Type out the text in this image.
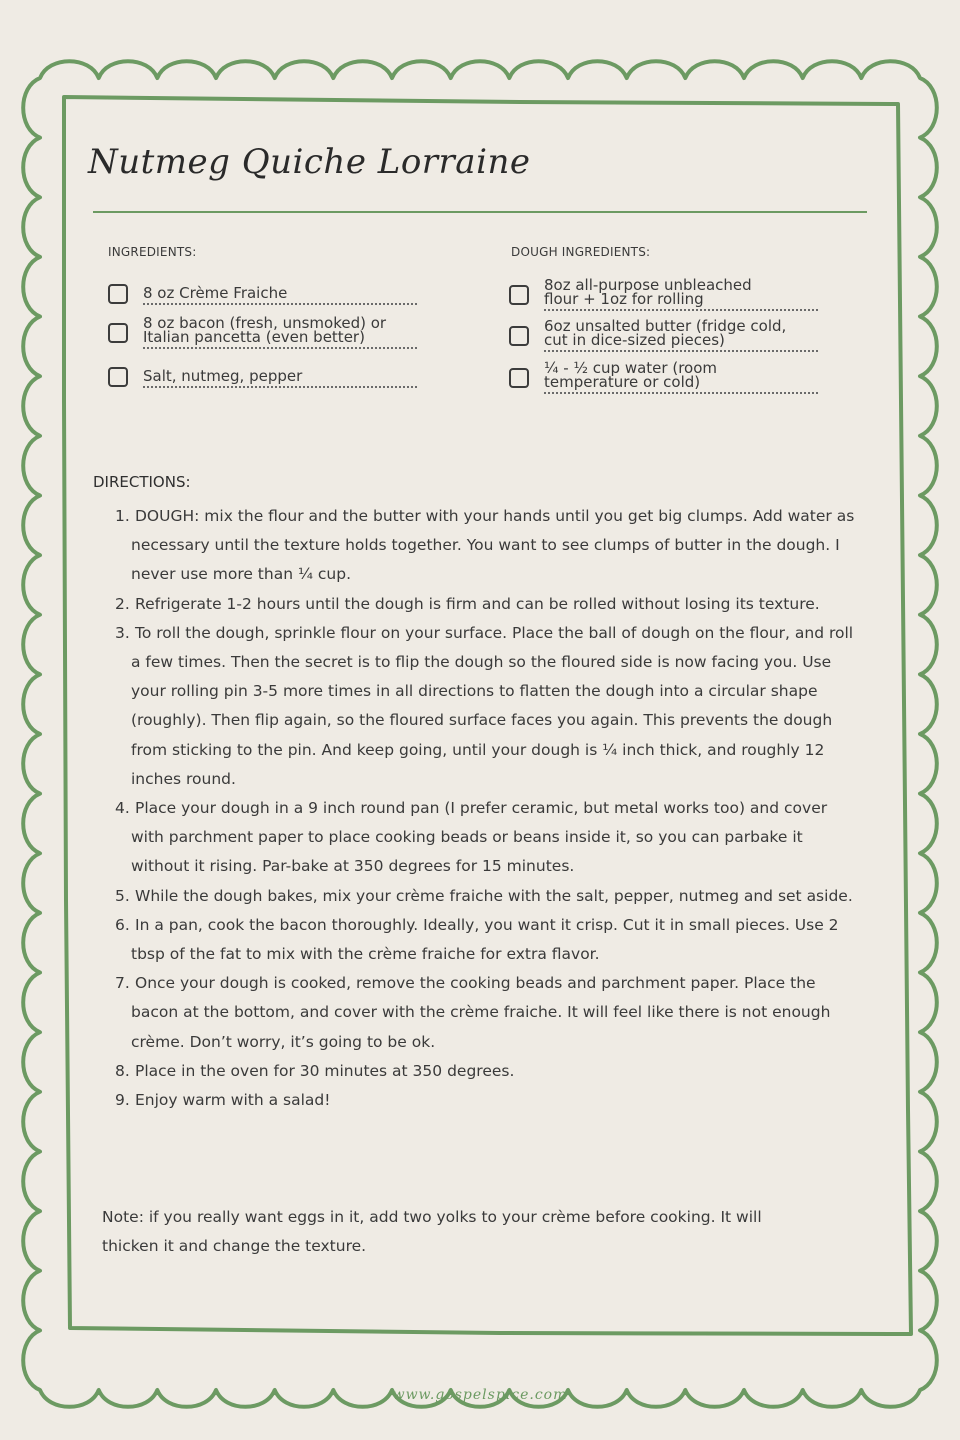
Nutmeg Quiche Lorraine
INGREDIENTS:	DOUGH INGREDIENTS:
8 oz Crème Fraiche
8 oz bacon (fresh, unsmoked) or
Italian pancetta (even better)
Salt, nutmeg, pepper
8oz all-purpose unbleached
flour + 1oz for rolling
6oz unsalted butter (fridge cold,
cut in dice-sized pieces)
¼ - ½ cup water (room
temperature or cold)
DIRECTIONS:
1. DOUGH: mix the flour and the butter with your hands until you get big clumps. Add water as necessary until the texture holds together. You want to see clumps of butter in the dough. I never use more than ¼ cup.
2. Refrigerate 1-2 hours until the dough is firm and can be rolled without losing its texture.
3. To roll the dough, sprinkle flour on your surface. Place the ball of dough on the flour, and roll a few times. Then the secret is to flip the dough so the floured side is now facing you. Use your rolling pin 3-5 more times in all directions to flatten the dough into a circular shape (roughly). Then flip again, so the floured surface faces you again. This prevents the dough from sticking to the pin. And keep going, until your dough is ¼ inch thick, and roughly 12 inches round.
4. Place your dough in a 9 inch round pan (I prefer ceramic, but metal works too) and cover with parchment paper to place cooking beads or beans inside it, so you can parbake it without it rising. Par-bake at 350 degrees for 15 minutes.
5. While the dough bakes, mix your crème fraiche with the salt, pepper, nutmeg and set aside.
6. In a pan, cook the bacon thoroughly. Ideally, you want it crisp. Cut it in small pieces. Use 2 tbsp of the fat to mix with the crème fraiche for extra flavor.
7. Once your dough is cooked, remove the cooking beads and parchment paper. Place the bacon at the bottom, and cover with the crème fraiche. It will feel like there is not enough crème. Don’t worry, it’s going to be ok.
8. Place in the oven for 30 minutes at 350 degrees.
9. Enjoy warm with a salad!
Note: if you really want eggs in it, add two yolks to your crème before cooking. It will thicken it and change the texture.
www.gospelspice.com
